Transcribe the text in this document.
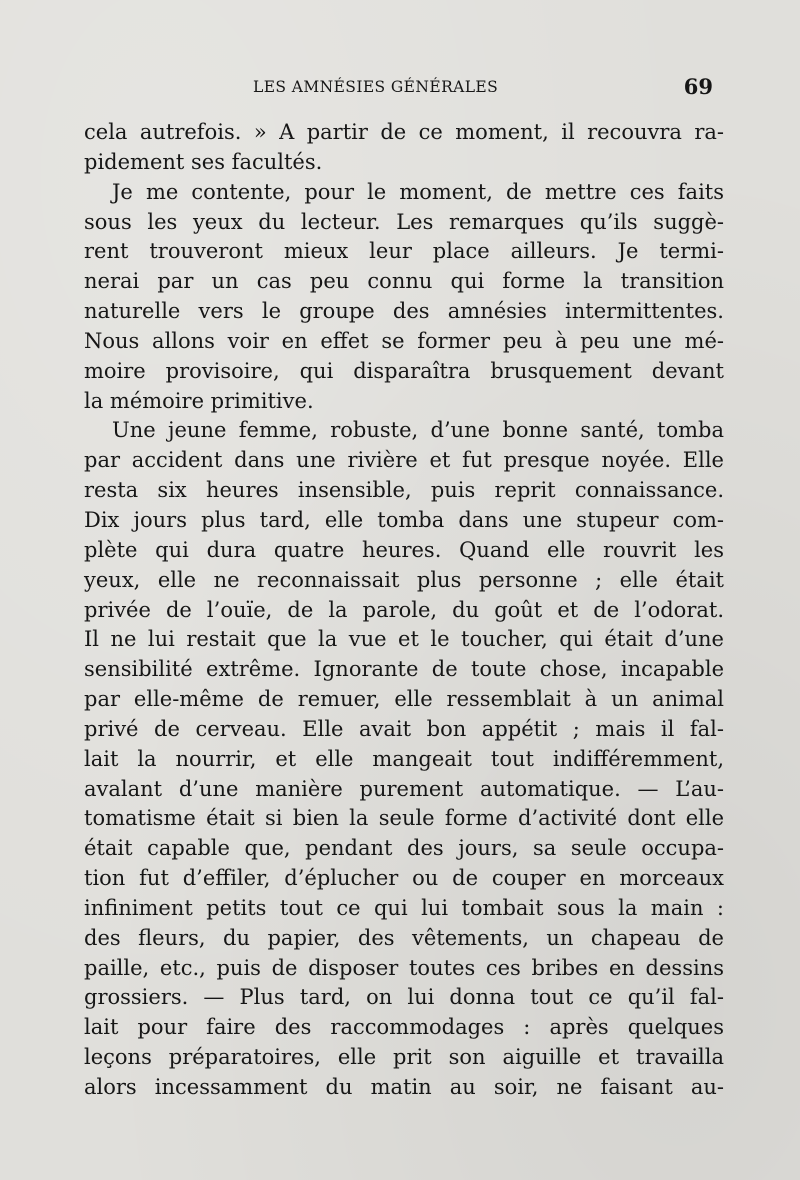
LES AMNÉSIES GÉNÉRALES	69
cela autrefois. » A partir de ce moment, il recouvra ra-
pidement ses facultés.
Je me contente, pour le moment, de mettre ces faits
sous les yeux du lecteur. Les remarques qu’ils suggè-
rent trouveront mieux leur place ailleurs. Je termi-
nerai par un cas peu connu qui forme la transition
naturelle vers le groupe des amnésies intermittentes.
Nous allons voir en effet se former peu à peu une mé-
moire provisoire, qui disparaîtra brusquement devant
la mémoire primitive.
Une jeune femme, robuste, d’une bonne santé, tomba
par accident dans une rivière et fut presque noyée. Elle
resta six heures insensible, puis reprit connaissance.
Dix jours plus tard, elle tomba dans une stupeur com-
plète qui dura quatre heures. Quand elle rouvrit les
yeux, elle ne reconnaissait plus personne ; elle était
privée de l’ouïe, de la parole, du goût et de l’odorat.
Il ne lui restait que la vue et le toucher, qui était d’une
sensibilité extrême. Ignorante de toute chose, incapable
par elle-même de remuer, elle ressemblait à un animal
privé de cerveau. Elle avait bon appétit ; mais il fal-
lait la nourrir, et elle mangeait tout indifféremment,
avalant d’une manière purement automatique. — L’au-
tomatisme était si bien la seule forme d’activité dont elle
était capable que, pendant des jours, sa seule occupa-
tion fut d’effiler, d’éplucher ou de couper en morceaux
infiniment petits tout ce qui lui tombait sous la main :
des fleurs, du papier, des vêtements, un chapeau de
paille, etc., puis de disposer toutes ces bribes en dessins
grossiers. — Plus tard, on lui donna tout ce qu’il fal-
lait pour faire des raccommodages : après quelques
leçons préparatoires, elle prit son aiguille et travailla
alors incessamment du matin au soir, ne faisant au-
